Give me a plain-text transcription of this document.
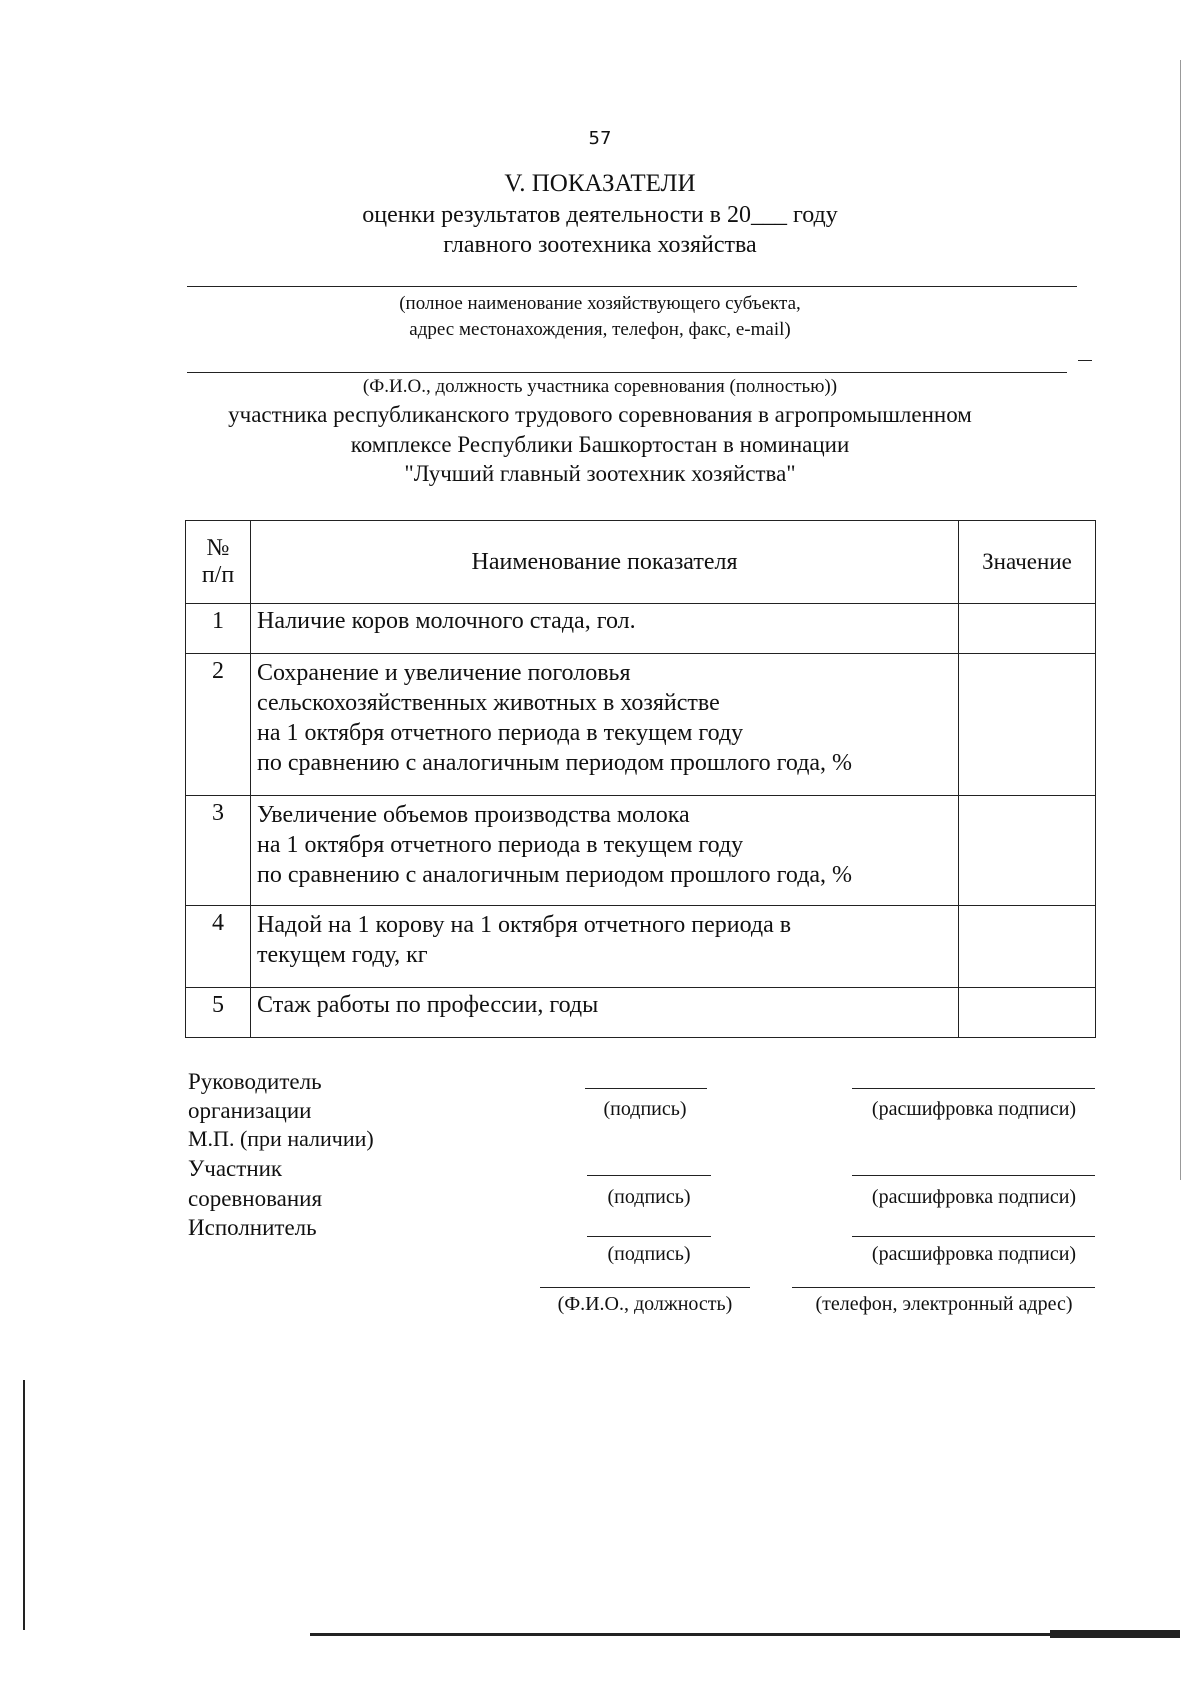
57
V. ПОКАЗАТЕЛИ
оценки результатов деятельности в 20___ году
главного зоотехника хозяйства
(полное наименование хозяйствующего субъекта,
адрес местонахождения, телефон, факс, e-mail)
(Ф.И.О., должность участника соревнования (полностью))
участника республиканского трудового соревнования в агропромышленном
комплексе Республики Башкортостан в номинации
"Лучший главный зоотехник хозяйства"
№
п/п	Наименование показателя	Значение
1	Наличие коров молочного стада, гол.	

2	Сохранение и увеличение поголовья
сельскохозяйственных животных в хозяйстве
на 1 октября отчетного периода в текущем году
по сравнению с аналогичным периодом прошлого года, %	

3	Увеличение объемов производства молока
на 1 октября отчетного периода в текущем году
по сравнению с аналогичным периодом прошлого года, %	

4	Надой на 1 корову на 1 октября отчетного периода в
текущем году, кг	

5	Стаж работы по профессии, годы	

Руководитель
организации
М.П. (при наличии)
Участник
соревнования
Исполнитель
(подпись)	(расшифровка подписи)
(подпись)	(расшифровка подписи)
(подпись)	(расшифровка подписи)
(Ф.И.О., должность)	(телефон, электронный адрес)
